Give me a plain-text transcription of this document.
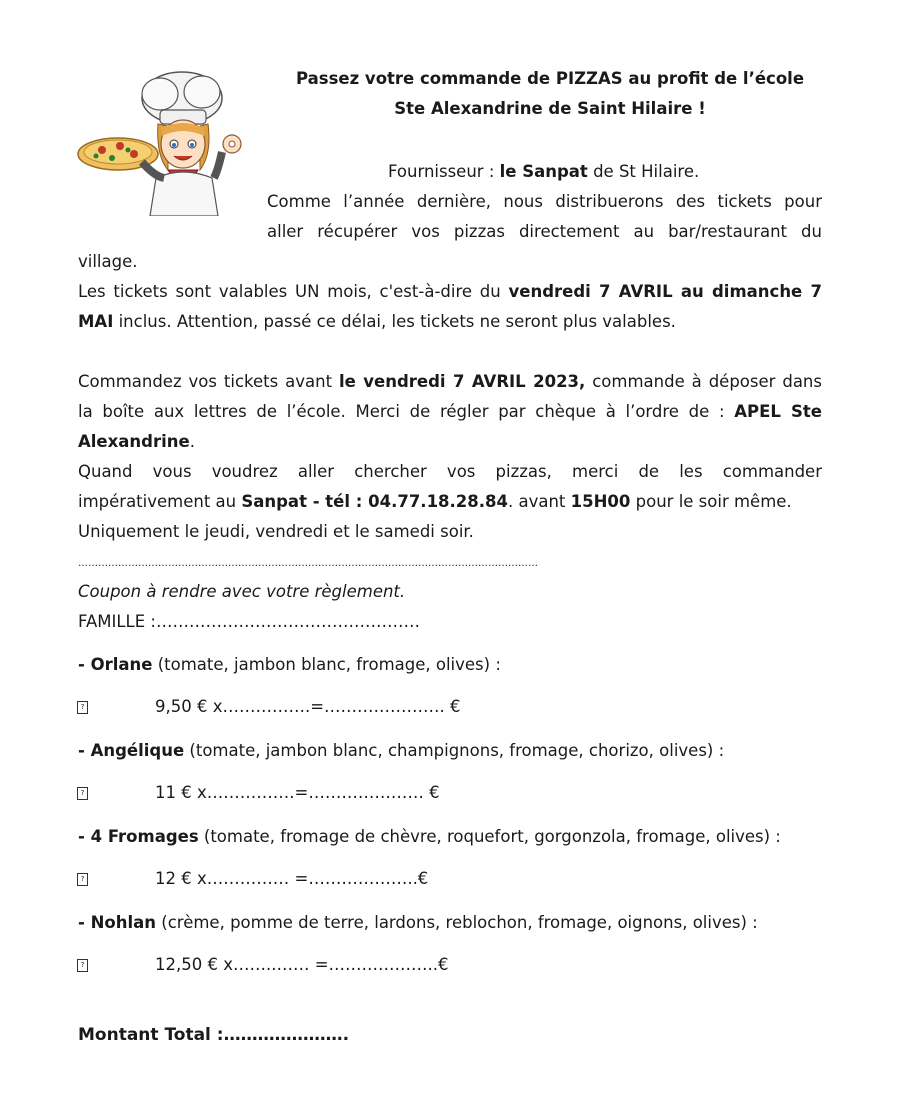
Passez votre commande de PIZZAS au profit de l’école
Ste Alexandrine de Saint Hilaire !
Fournisseur : le Sanpat de St Hilaire.
Comme l’année dernière, nous distribuerons des tickets pour
aller récupérer vos pizzas directement au bar/restaurant du
village.
Les tickets sont valables UN mois, c'est-à-dire du vendredi 7 AVRIL au dimanche 7
MAI inclus. Attention, passé ce délai, les tickets ne seront plus valables.
Commandez vos tickets avant le vendredi 7 AVRIL 2023, commande à déposer dans
la boîte aux lettres de l’école. Merci de régler par chèque à l’ordre de : APEL Ste
Alexandrine.
Quand vous voudrez aller chercher vos pizzas, merci de les commander
impérativement au Sanpat - tél : 04.77.18.28.84. avant 15H00 pour le soir même.
Uniquement le jeudi, vendredi et le samedi soir.
…………………………………………………………………………………………………………………………
Coupon à rendre avec votre règlement.
FAMILLE :…………………………………………
- Orlane (tomate, jambon blanc, fromage, olives) :
?	9,50 € x…………….=…………………. €
- Angélique (tomate, jambon blanc, champignons, fromage, chorizo, olives) :
?	11 € x…………….=………………… €
- 4 Fromages (tomate, fromage de chèvre, roquefort, gorgonzola, fromage, olives) :
?	12 € x…………… =………………..€
- Nohlan (crème, pomme de terre, lardons, reblochon, fromage, oignons, olives) :
?	12,50 € x……..…… =………………..€
Montant Total :………………….
